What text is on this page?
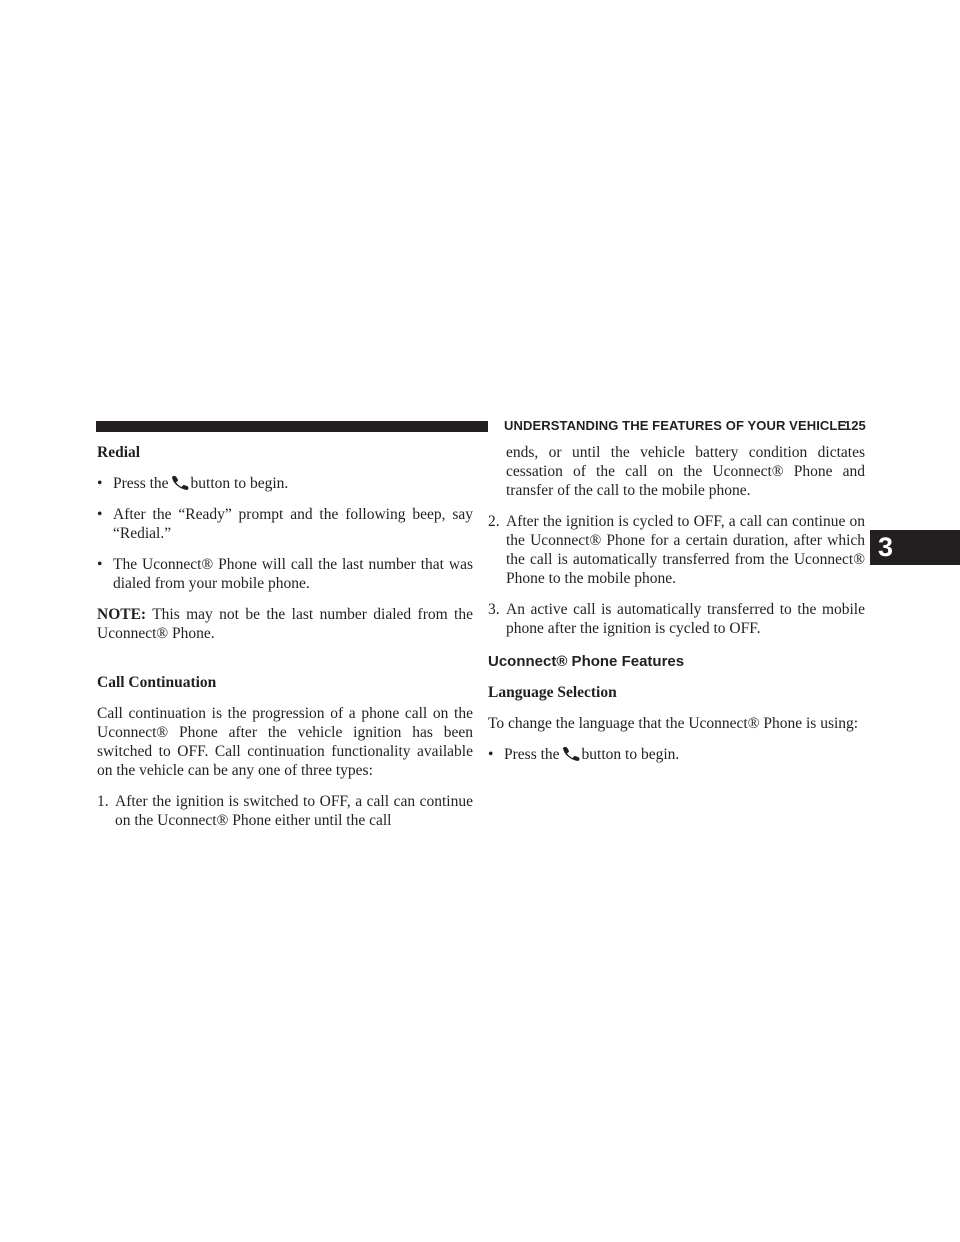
UNDERSTANDING THE FEATURES OF YOUR VEHICLE
125
3
Redial
• Press the button to begin.
• After the “Ready” prompt and the following beep, say “Redial.”
• The Uconnect® Phone will call the last number that was dialed from your mobile phone.

NOTE: This may not be the last number dialed from the Uconnect® Phone.

Call Continuation

Call continuation is the progression of a phone call on the Uconnect® Phone after the vehicle ignition has been switched to OFF. Call continuation functionality available on the vehicle can be any one of three types:

1. After the ignition is switched to OFF, a call can continue on the Uconnect® Phone either until the call

ends, or until the vehicle battery condition dictates cessation of the call on the Uconnect® Phone and transfer of the call to the mobile phone.

2. After the ignition is cycled to OFF, a call can continue on the Uconnect® Phone for a certain duration, after which the call is automatically transferred from the Uconnect® Phone to the mobile phone.
3. An active call is automatically transferred to the mobile phone after the ignition is cycled to OFF.
Uconnect® Phone Features
Language Selection

To change the language that the Uconnect® Phone is using:

• Press the button to begin.
